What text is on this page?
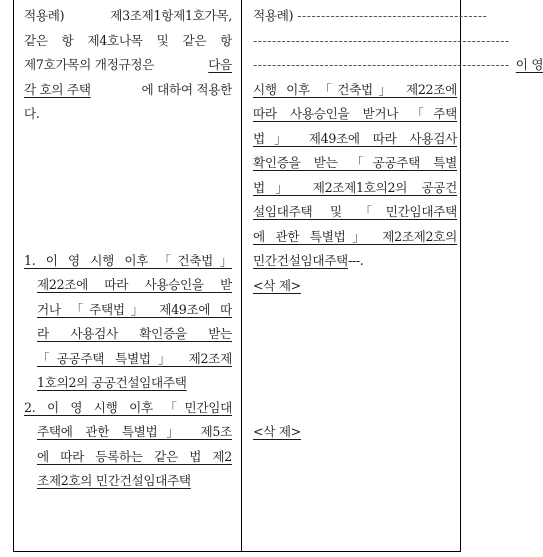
적용례) 제3조제1항제1호가목,
같은 항 제4호나목 및 같은 항
제7호가목의 개정규정은	다음
각 호의 주택	에 대하여 적용한
다.
1. 이 영 시행 이후 「건축법」
제22조에 따라 사용승인을 받
거나 「주택법」 제49조에 따
라 사용검사 확인증을 받는
「공공주택 특별법」 제2조제
1호의2의 공공건설임대주택
2. 이 영 시행 이후 「민간임대
주택에 관한 특별법」 제5조
에 따라 등록하는 같은 법 제2
조제2호의 민간건설임대주택
적용례) ----------------------------------------
------------------------------------------------------
------------------------------------------------------ 이 영
시행 이후 「건축법」 제22조에
따라 사용승인을 받거나 「주택
법」 제49조에 따라 사용검사
확인증을 받는 「공공주택 특별
법」 제2조제1호의2의 공공건
설임대주택 및 「민간임대주택
에 관한 특별법」 제2조제2호의
민간건설임대주택---.
<삭 제>
<삭 제>
